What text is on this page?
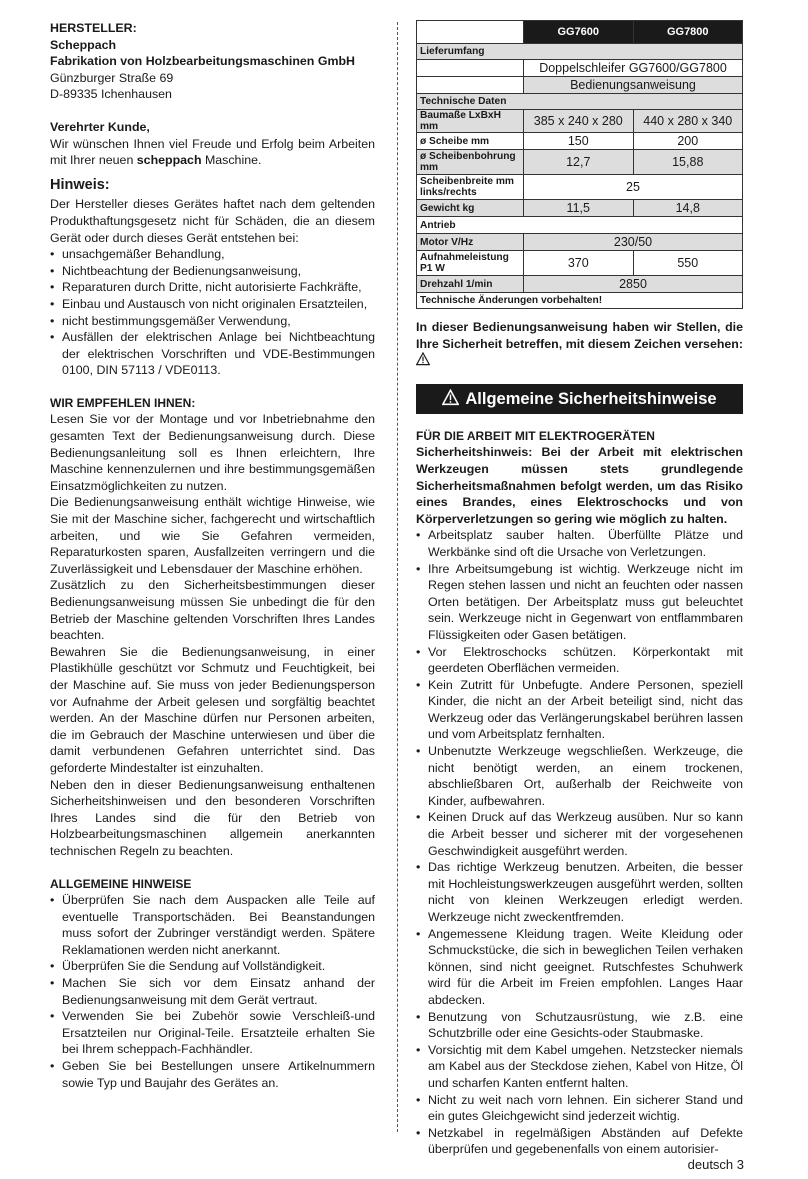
HERSTELLER:

Scheppach

Fabrikation von Holzbearbeitungsmaschinen GmbH

Günzburger Straße 69

D-89335 Ichenhausen

Verehrter Kunde,

Wir wünschen Ihnen viel Freude und Erfolg beim Arbeiten mit Ihrer neuen scheppach Maschine.

Hinweis:

Der Hersteller dieses Gerätes haftet nach dem geltenden Produkthaftungsgesetz nicht für Schäden, die an diesem Gerät oder durch dieses Gerät entstehen bei:

• unsachgemäßer Behandlung,
• Nichtbeachtung der Bedienungsanweisung,
• Reparaturen durch Dritte, nicht autorisierte Fachkräfte,
• Einbau und Austausch von nicht originalen Ersatzteilen,
• nicht bestimmungsgemäßer Verwendung,
• Ausfällen der elektrischen Anlage bei Nichtbeachtung der elektrischen Vorschriften und VDE-Bestimmungen 0100, DIN 57113 / VDE0113.

WIR EMPFEHLEN IHNEN:

Lesen Sie vor der Montage und vor Inbetriebnahme den gesamten Text der Bedienungsanweisung durch. Diese Bedienungsanleitung soll es Ihnen erleichtern, Ihre Maschine kennenzulernen und ihre bestimmungsgemäßen Einsatzmöglichkeiten zu nutzen.

Die Bedienungsanweisung enthält wichtige Hinweise, wie Sie mit der Maschine sicher, fachgerecht und wirtschaftlich arbeiten, und wie Sie Gefahren vermeiden, Reparaturkosten sparen, Ausfallzeiten verringern und die Zuverlässigkeit und Lebensdauer der Maschine erhöhen.

Zusätzlich zu den Sicherheitsbestimmungen dieser Bedienungsanweisung müssen Sie unbedingt die für den Betrieb der Maschine geltenden Vorschriften Ihres Landes beachten.

Bewahren Sie die Bedienungsanweisung, in einer Plastikhülle geschützt vor Schmutz und Feuchtigkeit, bei der Maschine auf. Sie muss von jeder Bedienungsperson vor Aufnahme der Arbeit gelesen und sorgfältig beachtet werden. An der Maschine dürfen nur Personen arbeiten, die im Gebrauch der Maschine unterwiesen und über die damit verbundenen Gefahren unterrichtet sind. Das geforderte Mindestalter ist einzuhalten.

Neben den in dieser Bedienungsanweisung enthaltenen Sicherheitshinweisen und den besonderen Vorschriften Ihres Landes sind die für den Betrieb von Holzbearbeitungsmaschinen allgemein anerkannten technischen Regeln zu beachten.

ALLGEMEINE HINWEISE

• Überprüfen Sie nach dem Auspacken alle Teile auf eventuelle Transportschäden. Bei Beanstandungen muss sofort der Zubringer verständigt werden. Spätere Reklamationen werden nicht anerkannt.
• Überprüfen Sie die Sendung auf Vollständigkeit.
• Machen Sie sich vor dem Einsatz anhand der Bedienungsanweisung mit dem Gerät vertraut.
• Verwenden Sie bei Zubehör sowie Verschleiß-und Ersatzteilen nur Original-Teile. Ersatzteile erhalten Sie bei Ihrem scheppach-Fachhändler.
• Geben Sie bei Bestellungen unsere Artikelnummern sowie Typ und Baujahr des Gerätes an.
	GG7600	GG7800
Lieferumfang		
	Doppelschleifer GG7600/GG7800	
	Bedienungsanweisung	
Technische Daten		
Baumaße LxBxH mm	385 x 240 x 280	440 x 280 x 340
ø Scheibe mm	150	200
ø Scheibenbohrung mm	12,7	15,88
Scheibenbreite mm links/rechts	25	
Gewicht kg	11,5	14,8
Antrieb		
Motor V/Hz	230/50	
Aufnahmeleistung P1 W	370	550
Drehzahl 1/min	2850	
Technische Änderungen vorbehalten!		

In dieser Bedienungsanweisung haben wir Stellen, die Ihre Sicherheit betreffen, mit diesem Zeichen versehen:

Allgemeine Sicherheitshinweise

FÜR DIE ARBEIT MIT ELEKTROGERÄTEN

Sicherheitshinweis: Bei der Arbeit mit elektrischen Werkzeugen müssen stets grundlegende Sicherheitsmaßnahmen befolgt werden, um das Risiko eines Brandes, eines Elektroschocks und von Körperverletzungen so gering wie möglich zu halten.

• Arbeitsplatz sauber halten. Überfüllte Plätze und Werkbänke sind oft die Ursache von Verletzungen.
• Ihre Arbeitsumgebung ist wichtig. Werkzeuge nicht im Regen stehen lassen und nicht an feuchten oder nassen Orten betätigen. Der Arbeitsplatz muss gut beleuchtet sein. Werkzeuge nicht in Gegenwart von entflammbaren Flüssigkeiten oder Gasen betätigen.
• Vor Elektroschocks schützen. Körperkontakt mit geerdeten Oberflächen vermeiden.
• Kein Zutritt für Unbefugte. Andere Personen, speziell Kinder, die nicht an der Arbeit beteiligt sind, nicht das Werkzeug oder das Verlängerungskabel berühren lassen und vom Arbeitsplatz fernhalten.
• Unbenutzte Werkzeuge wegschließen. Werkzeuge, die nicht benötigt werden, an einem trockenen, abschließbaren Ort, außerhalb der Reichweite von Kinder, aufbewahren.
• Keinen Druck auf das Werkzeug ausüben. Nur so kann die Arbeit besser und sicherer mit der vorgesehenen Geschwindigkeit ausgeführt werden.
• Das richtige Werkzeug benutzen. Arbeiten, die besser mit Hochleistungswerkzeugen ausgeführt werden, sollten nicht von kleinen Werkzeugen erledigt werden. Werkzeuge nicht zweckentfremden.
• Angemessene Kleidung tragen. Weite Kleidung oder Schmuckstücke, die sich in beweglichen Teilen verhaken können, sind nicht geeignet. Rutschfestes Schuhwerk wird für die Arbeit im Freien empfohlen. Langes Haar abdecken.
• Benutzung von Schutzausrüstung, wie z.B. eine Schutzbrille oder eine Gesichts-oder Staubmaske.
• Vorsichtig mit dem Kabel umgehen. Netzstecker niemals am Kabel aus der Steckdose ziehen, Kabel von Hitze, Öl und scharfen Kanten entfernt halten.
• Nicht zu weit nach vorn lehnen. Ein sicherer Stand und ein gutes Gleichgewicht sind jederzeit wichtig.
• Netzkabel in regelmäßigen Abständen auf Defekte überprüfen und gegebenenfalls von einem autorisier-
deutsch 3
